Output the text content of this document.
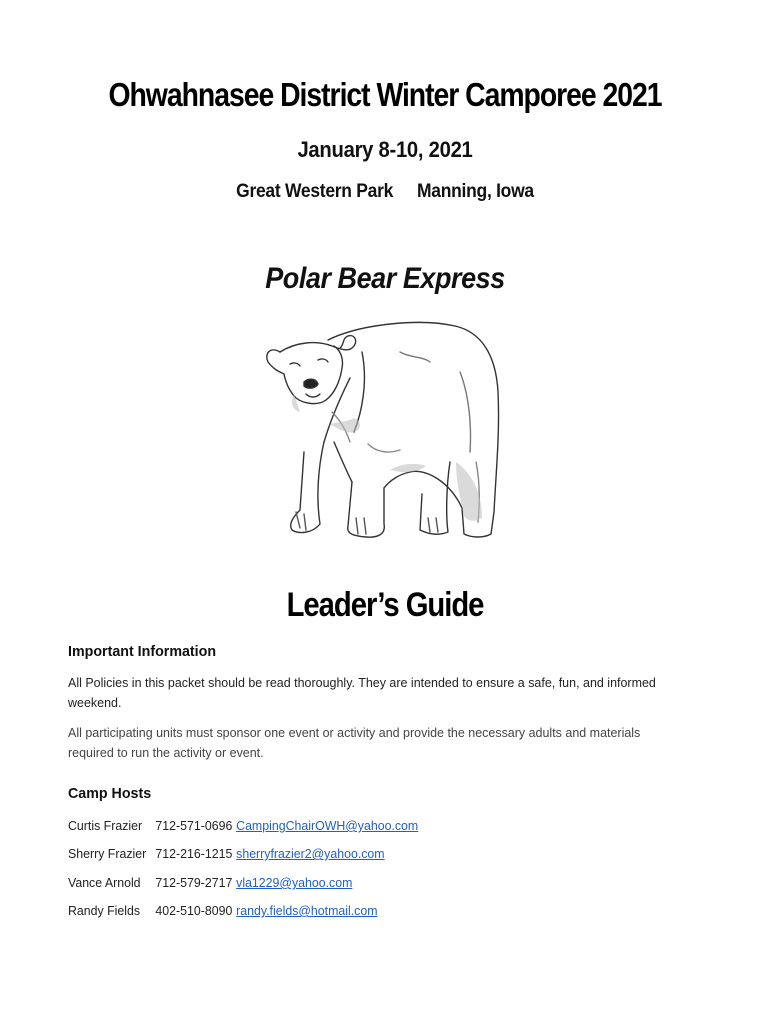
Ohwahnasee District Winter Camporee 2021
January 8-10, 2021
Great Western Park Manning, Iowa
Polar Bear Express
Leader’s Guide
Important Information
All Policies in this packet should be read thoroughly. They are intended to ensure a safe, fun, and informed weekend.
All participating units must sponsor one event or activity and provide the necessary adults and materials required to run the activity or event.
Camp Hosts
Curtis Frazier 712-571-0696 CampingChairOWH@yahoo.com
Sherry Frazier 712-216-1215 sherryfrazier2@yahoo.com
Vance Arnold 712-579-2717 vla1229@yahoo.com
Randy Fields 402-510-8090 randy.fields@hotmail.com
